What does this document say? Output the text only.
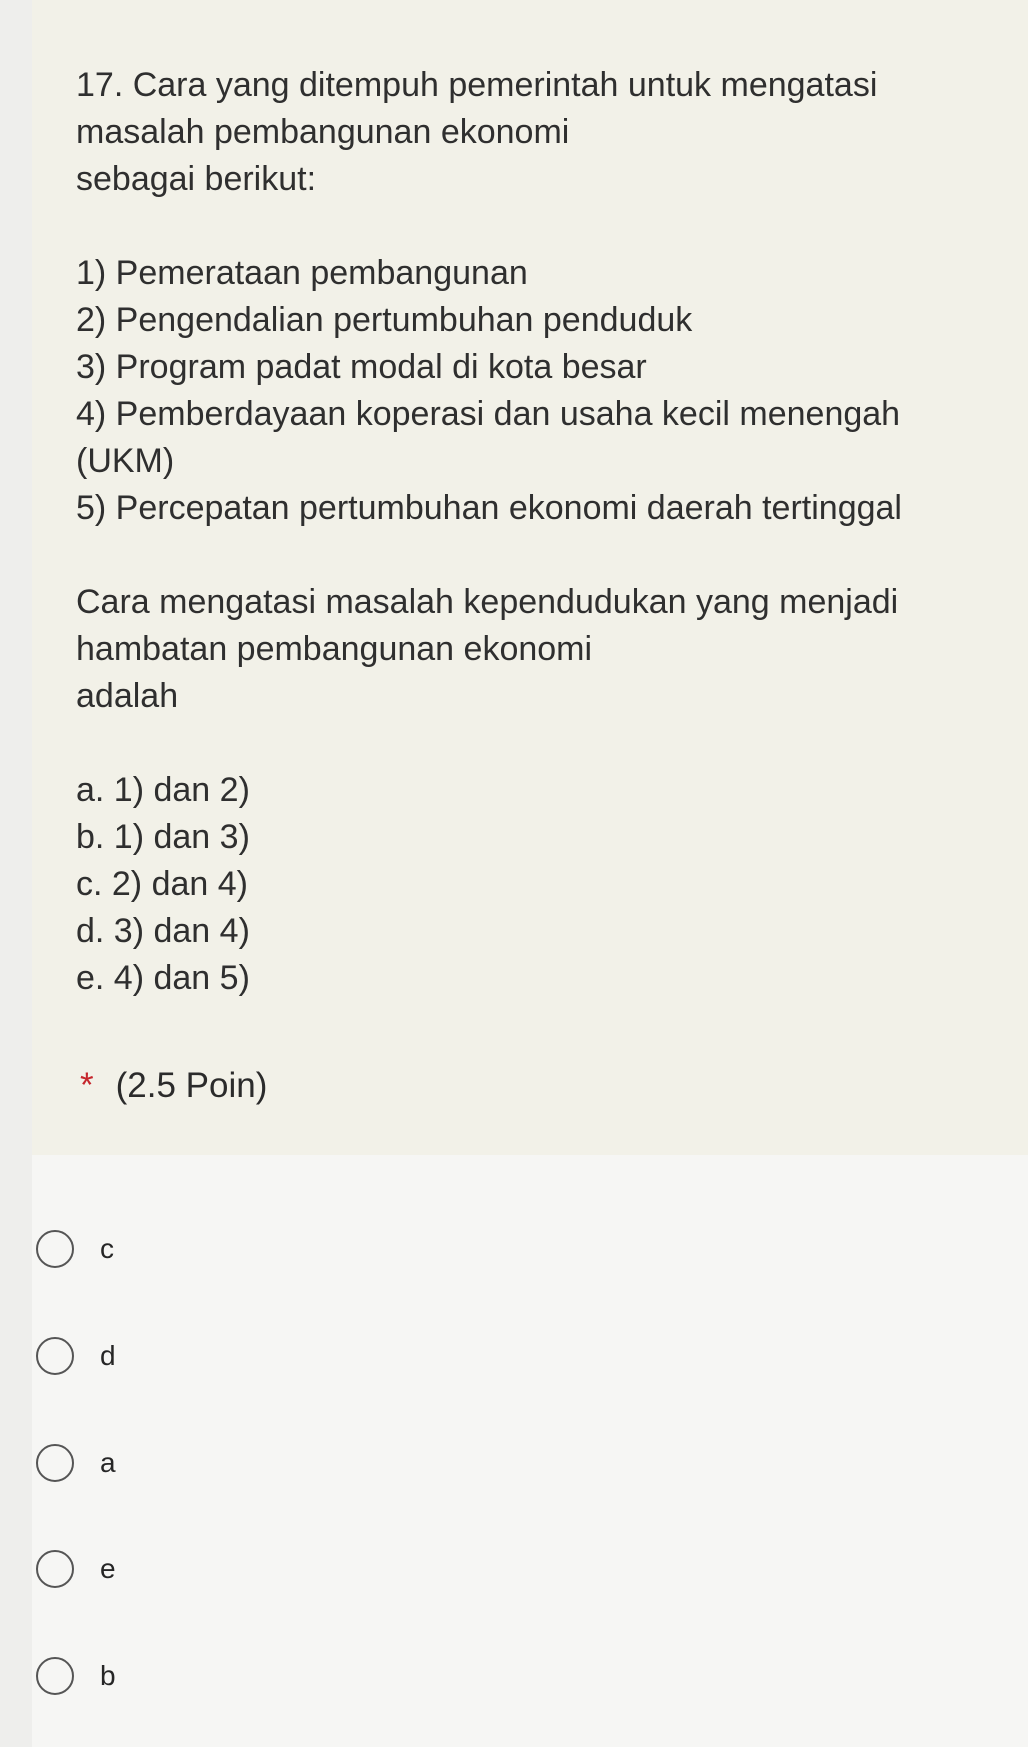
17. Cara yang ditempuh pemerintah untuk mengatasi
masalah pembangunan ekonomi
sebagai berikut:
1) Pemerataan pembangunan
2) Pengendalian pertumbuhan penduduk
3) Program padat modal di kota besar
4) Pemberdayaan koperasi dan usaha kecil menengah
(UKM)
5) Percepatan pertumbuhan ekonomi daerah tertinggal
Cara mengatasi masalah kependudukan yang menjadi
hambatan pembangunan ekonomi
adalah
a. 1) dan 2)
b. 1) dan 3)
c. 2) dan 4)
d. 3) dan 4)
e. 4) dan 5)
* (2.5 Poin)
c
d
a
e
b
